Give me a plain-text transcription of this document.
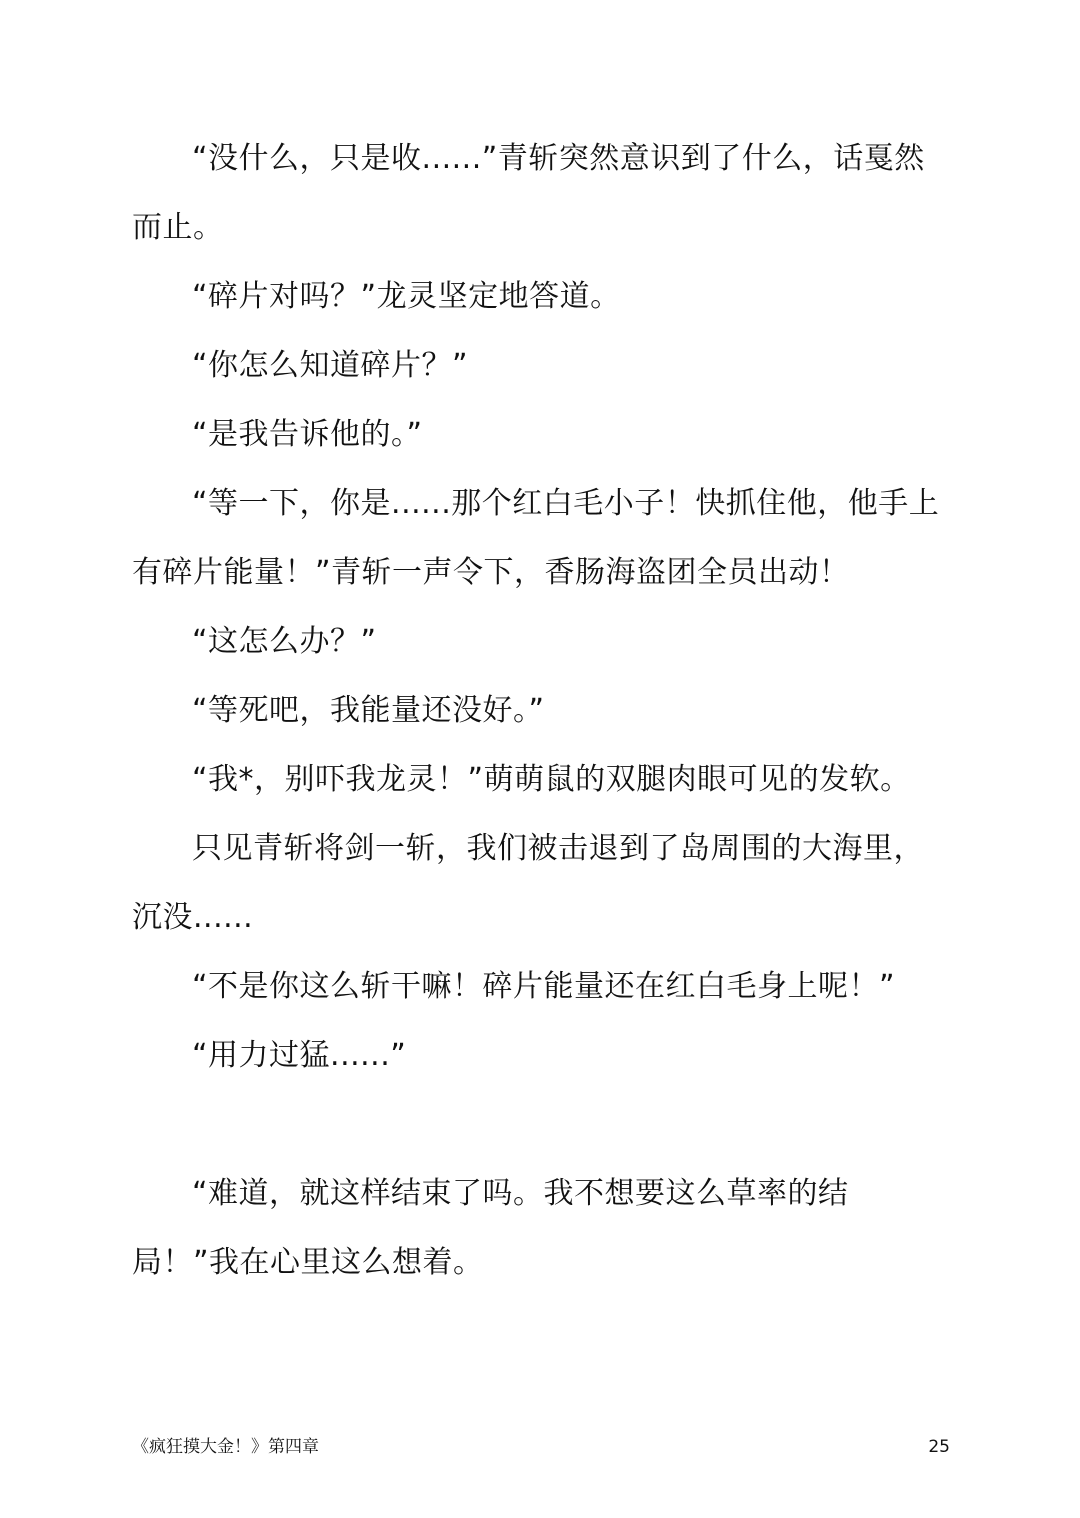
“没什么，只是收......”青斩突然意识到了什么，话戛然而止。

“碎片对吗？”龙灵坚定地答道。

“你怎么知道碎片？”

“是我告诉他的。”

“等一下，你是......那个红白毛小子！快抓住他，他手上有碎片能量！”青斩一声令下，香肠海盗团全员出动！

“这怎么办？”

“等死吧，我能量还没好。”

“我*，别吓我龙灵！”萌萌鼠的双腿肉眼可见的发软。

只见青斩将剑一斩，我们被击退到了岛周围的大海里，沉没......

“不是你这么斩干嘛！碎片能量还在红白毛身上呢！”

“用力过猛......”

“难道，就这样结束了吗。我不想要这么草率的结局！”我在心里这么想着。

《疯狂摸大金！》第四章	25
